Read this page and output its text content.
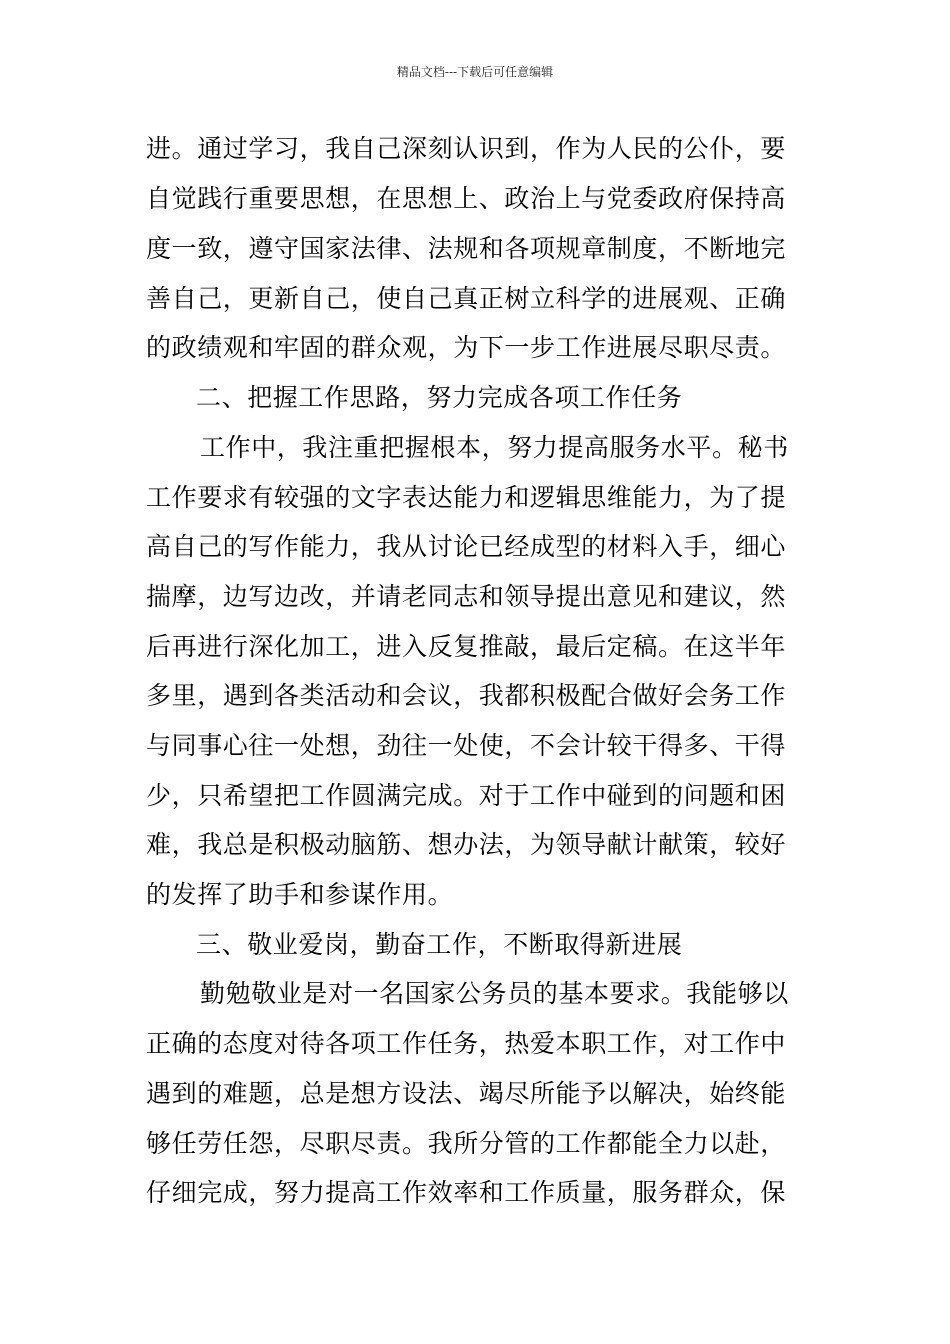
精品文档---下载后可任意编辑
进。通过学习，我自己深刻认识到，作为人民的公仆，要
自觉践行重要思想，在思想上、政治上与党委政府保持高
度一致，遵守国家法律、法规和各项规章制度，不断地完
善自己，更新自己，使自己真正树立科学的进展观、正确
的政绩观和牢固的群众观，为下一步工作进展尽职尽责。
二、把握工作思路，努力完成各项工作任务
工作中，我注重把握根本，努力提高服务水平。秘书
工作要求有较强的文字表达能力和逻辑思维能力，为了提
高自己的写作能力，我从讨论已经成型的材料入手，细心
揣摩，边写边改，并请老同志和领导提出意见和建议，然
后再进行深化加工，进入反复推敲，最后定稿。在这半年
多里，遇到各类活动和会议，我都积极配合做好会务工作
与同事心往一处想，劲往一处使，不会计较干得多、干得
少，只希望把工作圆满完成。对于工作中碰到的问题和困
难，我总是积极动脑筋、想办法，为领导献计献策，较好
的发挥了助手和参谋作用。
三、敬业爱岗，勤奋工作，不断取得新进展
勤勉敬业是对一名国家公务员的基本要求。我能够以
正确的态度对待各项工作任务，热爱本职工作，对工作中
遇到的难题，总是想方设法、竭尽所能予以解决，始终能
够任劳任怨，尽职尽责。我所分管的工作都能全力以赴，
仔细完成，努力提高工作效率和工作质量，服务群众，保
